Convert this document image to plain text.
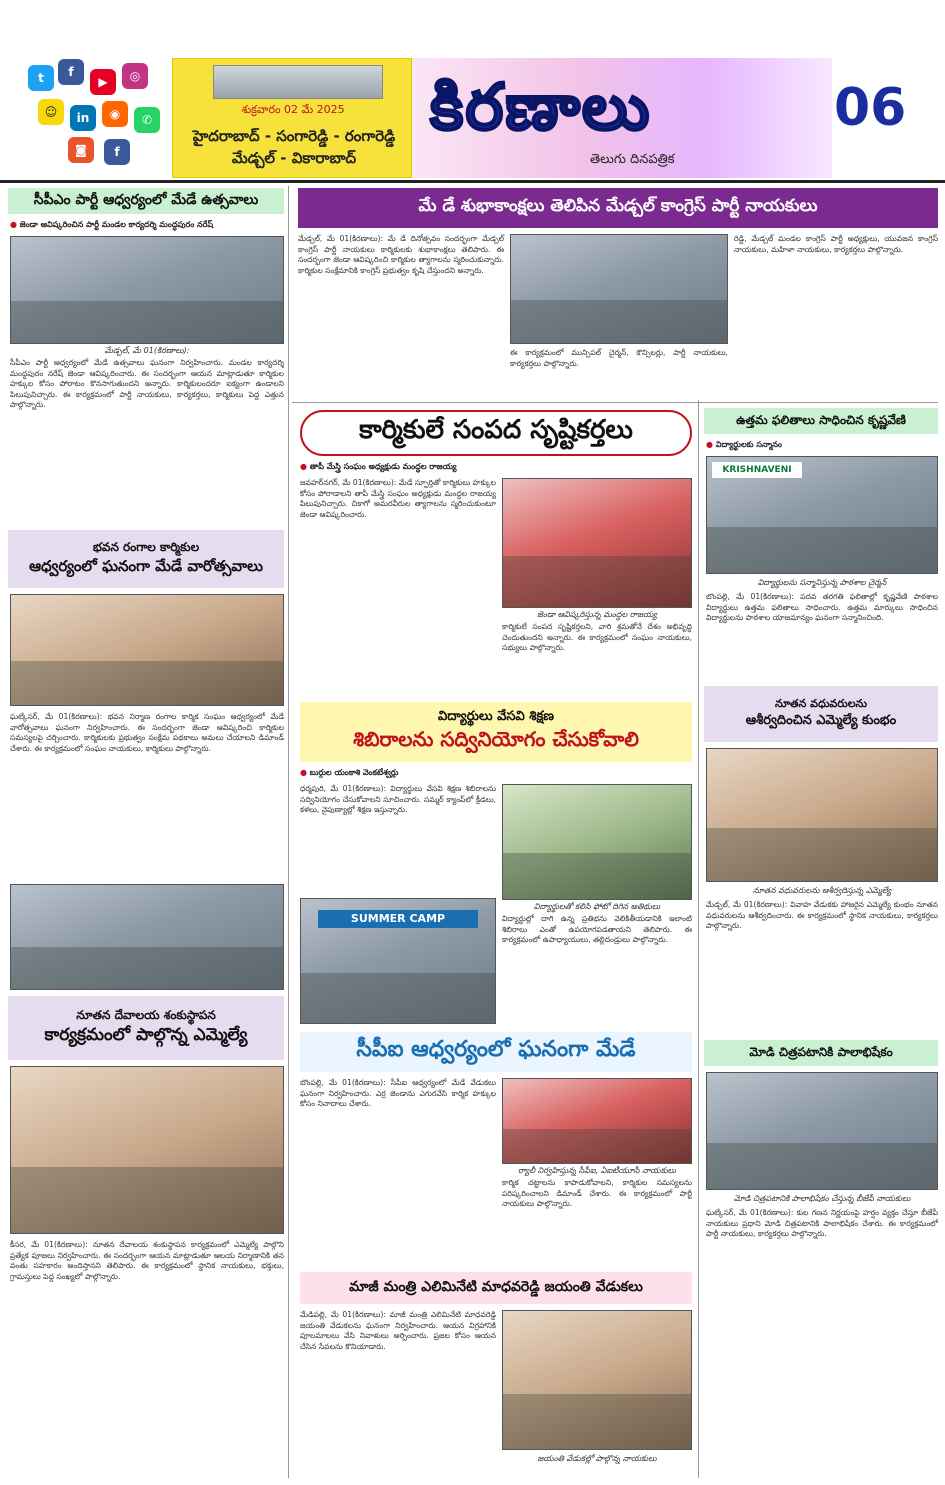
t	f
▶	◎
☺	in	◉	✆
◙	f
శుక్రవారం 02 మే 2025
హైదరాబాద్ - సంగారెడ్డి - రంగారెడ్డి
మేడ్చల్ - వికారాబాద్
కిరణాలు
తెలుగు దినపత్రిక
06
సీపీఎం పార్టీ ఆధ్వర్యంలో మేడే ఉత్సవాలు
● జెండా ఆవిష్కరించిన పార్టీ మండల కార్యదర్శి మంద్ధపురం నరేష్
మేడ్చల్, మే 01(కిరణాలు):
సీపీఎం పార్టీ ఆధ్వర్యంలో మేడే ఉత్సవాలు ఘనంగా నిర్వహించారు. మండల కార్యదర్శి మంద్ధపురం నరేష్ జెండా ఆవిష్కరించారు. ఈ సందర్భంగా ఆయన మాట్లాడుతూ కార్మికుల హక్కుల కోసం పోరాటం కొనసాగుతుందని అన్నారు. కార్మికులందరూ ఐక్యంగా ఉండాలని పిలుపునిచ్చారు. ఈ కార్యక్రమంలో పార్టీ నాయకులు, కార్యకర్తలు, కార్మికులు పెద్ద ఎత్తున పాల్గొన్నారు.
భవన రంగాల కార్మికుల
ఆధ్వర్యంలో ఘనంగా మేడే వారోత్సవాలు
ఘట్కేసర్, మే 01(కిరణాలు): భవన నిర్మాణ రంగాల కార్మిక సంఘం ఆధ్వర్యంలో మేడే వారోత్సవాలు ఘనంగా నిర్వహించారు. ఈ సందర్భంగా జెండా ఆవిష్కరించి కార్మికుల సమస్యలపై చర్చించారు. కార్మికులకు ప్రభుత్వం సంక్షేమ పథకాలు అమలు చేయాలని డిమాండ్ చేశారు. ఈ కార్యక్రమంలో సంఘం నాయకులు, కార్మికులు పాల్గొన్నారు.
నూతన దేవాలయ శంకుస్థాపన
కార్యక్రమంలో పాల్గొన్న ఎమ్మెల్యే
కీసర, మే 01(కిరణాలు): నూతన దేవాలయ శంకుస్థాపన కార్యక్రమంలో ఎమ్మెల్యే పాల్గొని ప్రత్యేక పూజలు నిర్వహించారు. ఈ సందర్భంగా ఆయన మాట్లాడుతూ ఆలయ నిర్మాణానికి తన వంతు సహకారం అందిస్తానని తెలిపారు. ఈ కార్యక్రమంలో స్థానిక నాయకులు, భక్తులు, గ్రామస్తులు పెద్ద సంఖ్యలో పాల్గొన్నారు.
మే డే శుభాకాంక్షలు తెలిపిన మేడ్చల్ కాంగ్రెస్ పార్టీ నాయకులు
మేడ్చల్, మే 01(కిరణాలు): మే డే దినోత్సవం సందర్భంగా మేడ్చల్ కాంగ్రెస్ పార్టీ నాయకులు కార్మికులకు శుభాకాంక్షలు తెలిపారు. ఈ సందర్భంగా జెండా ఆవిష్కరించి కార్మికుల త్యాగాలను స్మరించుకున్నారు. కార్మికుల సంక్షేమానికి కాంగ్రెస్ ప్రభుత్వం కృషి చేస్తుందని అన్నారు.
ఈ కార్యక్రమంలో మున్సిపల్ చైర్మన్, కౌన్సిలర్లు, పార్టీ నాయకులు, కార్యకర్తలు పాల్గొన్నారు.
రెడ్డి, మేడ్చల్ మండల కాంగ్రెస్ పార్టీ అధ్యక్షులు, యువజన కాంగ్రెస్ నాయకులు, మహిళా నాయకులు, కార్యకర్తలు పాల్గొన్నారు.
కార్మికులే సంపద సృష్టికర్తలు
● తాపీ మేస్త్రి సంఘం అధ్యక్షుడు మంద్ధల రాజయ్య
జవహర్‌నగర్, మే 01(కిరణాలు): మేడే స్ఫూర్తితో కార్మికులు హక్కుల కోసం పోరాడాలని తాపీ మేస్త్రి సంఘం అధ్యక్షుడు మంద్ధల రాజయ్య పిలుపునిచ్చారు. చికాగో అమరవీరుల త్యాగాలను స్మరించుకుంటూ జెండా ఆవిష్కరించారు.
జెండా ఆవిష్కరిస్తున్న మంద్ధల రాజయ్య
కార్మికులే సంపద సృష్టికర్తలని, వారి శ్రమతోనే దేశం అభివృద్ధి చెందుతుందని అన్నారు. ఈ కార్యక్రమంలో సంఘం నాయకులు, సభ్యులు పాల్గొన్నారు.
విద్యార్థులు వేసవి శిక్షణ
శిబిరాలను సద్వినియోగం చేసుకోవాలి
● బుర్గుల యంకాశి వెంకటేశ్వర్లు
ధర్మపురి, మే 01(కిరణాలు): విద్యార్థులు వేసవి శిక్షణ శిబిరాలను సద్వినియోగం చేసుకోవాలని సూచించారు. సమ్మర్ క్యాంప్‌లో క్రీడలు, కళలు, నైపుణ్యాల్లో శిక్షణ ఇస్తున్నారు.
విద్యార్థులతో కలిసి ఫోటో దిగిన అతిథులు
విద్యార్థుల్లో దాగి ఉన్న ప్రతిభను వెలికితీయడానికి ఇలాంటి శిబిరాలు ఎంతో ఉపయోగపడతాయని తెలిపారు. ఈ కార్యక్రమంలో ఉపాధ్యాయులు, తల్లిదండ్రులు పాల్గొన్నారు.
SUMMER CAMP
సీపీఐ ఆధ్వర్యంలో ఘనంగా మేడే
బొంపల్లి, మే 01(కిరణాలు): సీపీఐ ఆధ్వర్యంలో మేడే వేడుకలు ఘనంగా నిర్వహించారు. ఎర్ర జెండాను ఎగురవేసి కార్మిక హక్కుల కోసం నినాదాలు చేశారు.
ర్యాలీ నిర్వహిస్తున్న సీపీఐ, ఏఐటీయూసీ నాయకులు
కార్మిక చట్టాలను కాపాడుకోవాలని, కార్మికుల సమస్యలను పరిష్కరించాలని డిమాండ్ చేశారు. ఈ కార్యక్రమంలో పార్టీ నాయకులు పాల్గొన్నారు.
మాజీ మంత్రి ఎలిమినేటి మాధవరెడ్డి జయంతి వేడుకలు
మేడిపల్లి, మే 01(కిరణాలు): మాజీ మంత్రి ఎలిమినేటి మాధవరెడ్డి జయంతి వేడుకలను ఘనంగా నిర్వహించారు. ఆయన విగ్రహానికి పూలమాలలు వేసి నివాళులు అర్పించారు. ప్రజల కోసం ఆయన చేసిన సేవలను కొనియాడారు.
జయంతి వేడుకల్లో పాల్గొన్న నాయకులు
ఉత్తమ ఫలితాలు సాధించిన కృష్ణవేణి
● విద్యార్థులకు సన్మానం
KRISHNAVENI
విద్యార్థులను సన్మానిస్తున్న పాఠశాల చైర్మన్
బొంపల్లి, మే 01(కిరణాలు): పదవ తరగతి ఫలితాల్లో కృష్ణవేణి పాఠశాల విద్యార్థులు ఉత్తమ ఫలితాలు సాధించారు. ఉత్తమ మార్కులు సాధించిన విద్యార్థులను పాఠశాల యాజమాన్యం ఘనంగా సన్మానించింది.
నూతన వధువరులను
ఆశీర్వదించిన ఎమ్మెల్యే కుంభం
నూతన వధువరులను ఆశీర్వదిస్తున్న ఎమ్మెల్యే
మేడ్చల్, మే 01(కిరణాలు): వివాహ వేడుకకు హాజరైన ఎమ్మెల్యే కుంభం నూతన వధువరులను ఆశీర్వదించారు. ఈ కార్యక్రమంలో స్థానిక నాయకులు, కార్యకర్తలు పాల్గొన్నారు.
మోడి చిత్రపటానికి పాలాభిషేకం
మోడి చిత్రపటానికి పాలాభిషేకం చేస్తున్న బీజేపీ నాయకులు
ఘట్కేసర్, మే 01(కిరణాలు): కుల గణన నిర్ణయంపై హర్షం వ్యక్తం చేస్తూ బీజేపీ నాయకులు ప్రధాని మోడి చిత్రపటానికి పాలాభిషేకం చేశారు. ఈ కార్యక్రమంలో పార్టీ నాయకులు, కార్యకర్తలు పాల్గొన్నారు.
